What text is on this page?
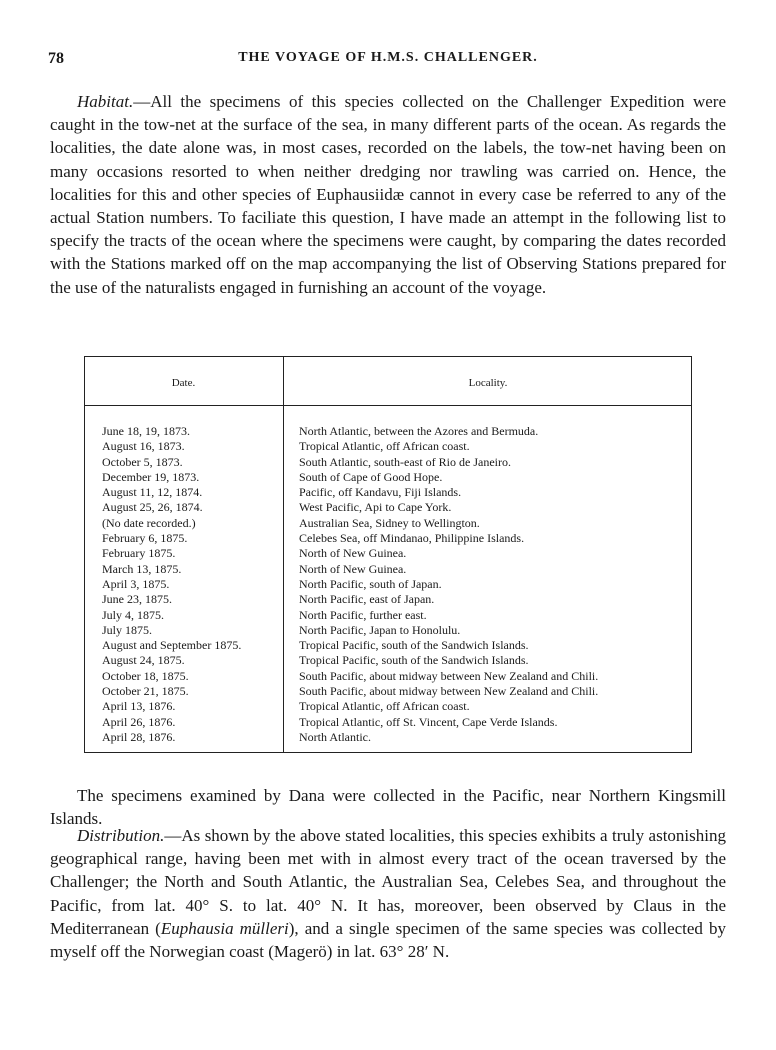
78	THE VOYAGE OF H.M.S. CHALLENGER.

Habitat.—All the specimens of this species collected on the Challenger Expedition were caught in the tow-net at the surface of the sea, in many different parts of the ocean. As regards the localities, the date alone was, in most cases, recorded on the labels, the tow-net having been on many occasions resorted to when neither dredging nor trawling was carried on. Hence, the localities for this and other species of Euphausiidæ cannot in every case be referred to any of the actual Station numbers. To faciliate this question, I have made an attempt in the following list to specify the tracts of the ocean where the specimens were caught, by comparing the dates recorded with the Stations marked off on the map accompanying the list of Observing Stations prepared for the use of the naturalists engaged in furnishing an account of the voyage.

Date.	Locality.
June 18, 19, 1873.
August 16, 1873.
October 5, 1873.
December 19, 1873.
August 11, 12, 1874.
August 25, 26, 1874.
(No date recorded.)
February 6, 1875.
February 1875.
March 13, 1875.
April 3, 1875.
June 23, 1875.
July 4, 1875.
July 1875.
August and September 1875.
August 24, 1875.
October 18, 1875.
October 21, 1875.
April 13, 1876.
April 26, 1876.
April 28, 1876.
North Atlantic, between the Azores and Bermuda.
Tropical Atlantic, off African coast.
South Atlantic, south-east of Rio de Janeiro.
South of Cape of Good Hope.
Pacific, off Kandavu, Fiji Islands.
West Pacific, Api to Cape York.
Australian Sea, Sidney to Wellington.
Celebes Sea, off Mindanao, Philippine Islands.
North of New Guinea.
North of New Guinea.
North Pacific, south of Japan.
North Pacific, east of Japan.
North Pacific, further east.
North Pacific, Japan to Honolulu.
Tropical Pacific, south of the Sandwich Islands.
Tropical Pacific, south of the Sandwich Islands.
South Pacific, about midway between New Zealand and Chili.
South Pacific, about midway between New Zealand and Chili.
Tropical Atlantic, off African coast.
Tropical Atlantic, off St. Vincent, Cape Verde Islands.
North Atlantic.

The specimens examined by Dana were collected in the Pacific, near Northern Kingsmill Islands.

Distribution.—As shown by the above stated localities, this species exhibits a truly astonishing geographical range, having been met with in almost every tract of the ocean traversed by the Challenger; the North and South Atlantic, the Australian Sea, Celebes Sea, and throughout the Pacific, from lat. 40° S. to lat. 40° N. It has, moreover, been observed by Claus in the Mediterranean (Euphausia mülleri), and a single specimen of the same species was collected by myself off the Norwegian coast (Magerö) in lat. 63° 28′ N.
